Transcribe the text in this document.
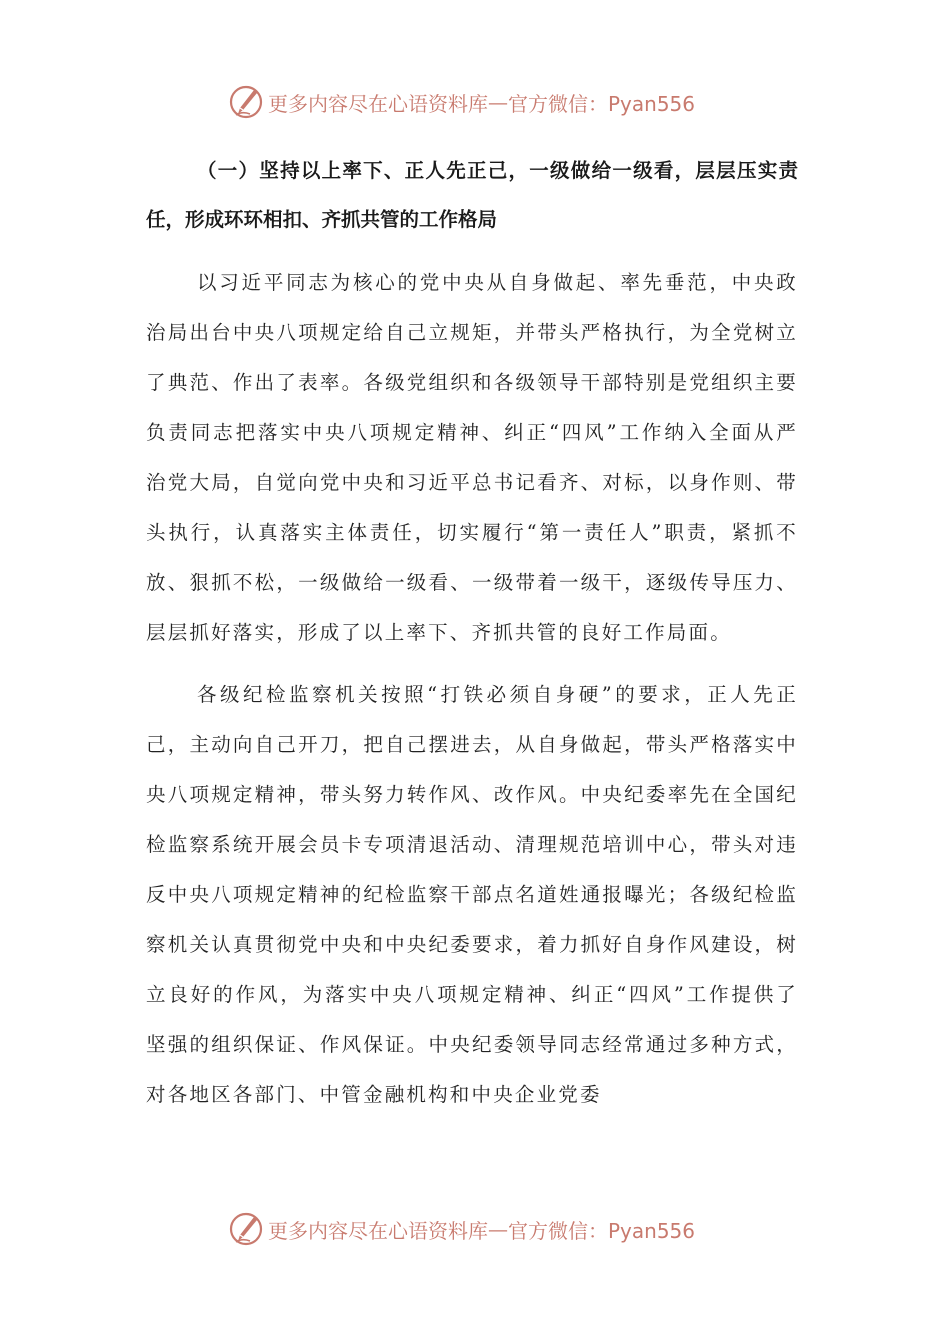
更多内容尽在心语资料库 — 官方微信：Pyan556

（一）坚持以上率下、正人先正己，一级做给一级看，层层压实责任，形成环环相扣、齐抓共管的工作格局

以习近平同志为核心的党中央从自身做起、率先垂范，中央政治局出台中央八项规定给自己立规矩，并带头严格执行，为全党树立了典范、作出了表率。各级党组织和各级领导干部特别是党组织主要负责同志把落实中央八项规定精神、纠正“四风”工作纳入全面从严治党大局，自觉向党中央和习近平总书记看齐、对标，以身作则、带头执行，认真落实主体责任，切实履行“第一责任人”职责，紧抓不放、狠抓不松，一级做给一级看、一级带着一级干，逐级传导压力、层层抓好落实，形成了以上率下、齐抓共管的良好工作局面。

各级纪检监察机关按照“打铁必须自身硬”的要求，正人先正己，主动向自己开刀，把自己摆进去，从自身做起，带头严格落实中央八项规定精神，带头努力转作风、改作风。中央纪委率先在全国纪检监察系统开展会员卡专项清退活动、清理规范培训中心，带头对违反中央八项规定精神的纪检监察干部点名道姓通报曝光；各级纪检监察机关认真贯彻党中央和中央纪委要求，着力抓好自身作风建设，树立良好的作风，为落实中央八项规定精神、纠正“四风”工作提供了坚强的组织保证、作风保证。中央纪委领导同志经常通过多种方式，对各地区各部门、中管金融机构和中央企业党委

更多内容尽在心语资料库 — 官方微信：Pyan556
